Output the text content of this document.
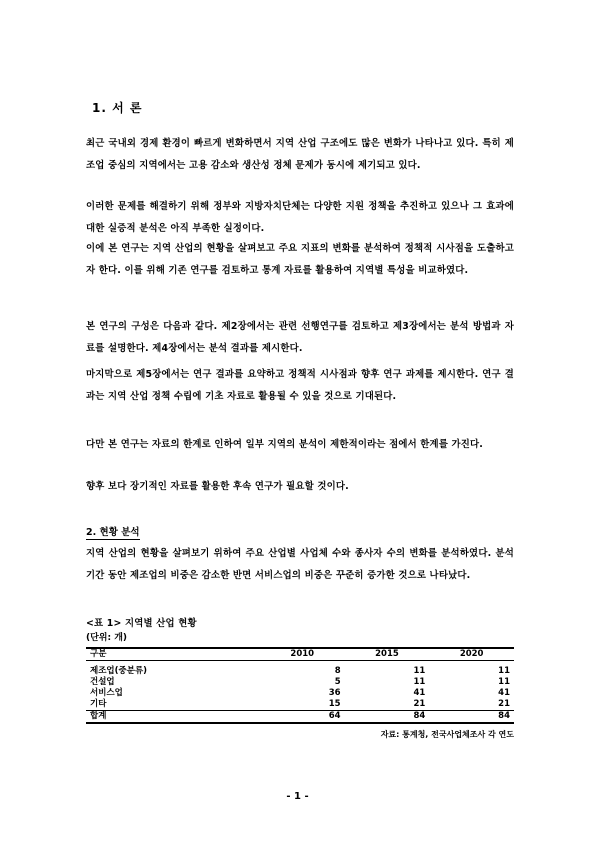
1. 서 론
최근 국내외 경제 환경이 빠르게 변화하면서 지역 산업 구조에도 많은 변화가 나타나고 있다. 특히 제조업 중심의 지역에서는 고용 감소와 생산성 정체 문제가 동시에 제기되고 있다.
이러한 문제를 해결하기 위해 정부와 지방자치단체는 다양한 지원 정책을 추진하고 있으나 그 효과에 대한 실증적 분석은 아직 부족한 실정이다.
이에 본 연구는 지역 산업의 현황을 살펴보고 주요 지표의 변화를 분석하여 정책적 시사점을 도출하고자 한다. 이를 위해 기존 연구를 검토하고 통계 자료를 활용하여 지역별 특성을 비교하였다.
본 연구의 구성은 다음과 같다. 제2장에서는 관련 선행연구를 검토하고 제3장에서는 분석 방법과 자료를 설명한다. 제4장에서는 분석 결과를 제시한다.
마지막으로 제5장에서는 연구 결과를 요약하고 정책적 시사점과 향후 연구 과제를 제시한다. 연구 결과는 지역 산업 정책 수립에 기초 자료로 활용될 수 있을 것으로 기대된다.
다만 본 연구는 자료의 한계로 인하여 일부 지역의 분석이 제한적이라는 점에서 한계를 가진다.
향후 보다 장기적인 자료를 활용한 후속 연구가 필요할 것이다.
2. 현황 분석
지역 산업의 현황을 살펴보기 위하여 주요 산업별 사업체 수와 종사자 수의 변화를 분석하였다. 분석 기간 동안 제조업의 비중은 감소한 반면 서비스업의 비중은 꾸준히 증가한 것으로 나타났다.
<표 1> 지역별 산업 현황
(단위: 개)
구분	2010	2015	2020
제조업(중분류)	8	11	11
건설업	5	11	11
서비스업	36	41	41
기타	15	21	21
합계	64	84	84
자료: 통계청, 전국사업체조사 각 연도
- 1 -
